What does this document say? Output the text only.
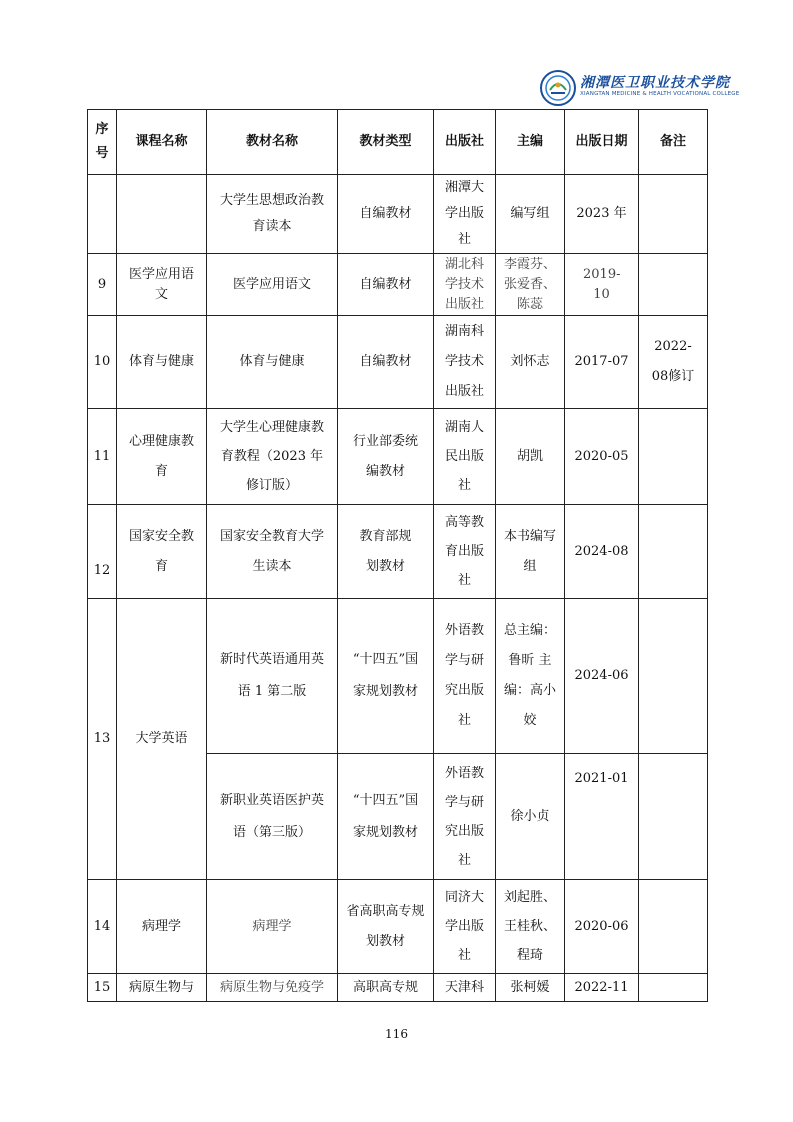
湘潭医卫职业技术学院
XIANGTAN MEDICINE & HEALTH VOCATIONAL COLLEGE
序号	课程名称	教材名称	教材类型	出版社	主编	出版日期	备注
		大学生思想政治教育读本	自编教材	湘潭大学出版社	编写组	2023 年	
9	医学应用语文	医学应用语文	自编教材	湖北科学技术出版社	李霞芬、张爱香、陈蕊	2019-10	
10	体育与健康	体育与健康	自编教材	湖南科学技术出版社	刘怀志	2017-07	2022-08修订
11	心理健康教育	大学生心理健康教育教程（2023 年修订版）	行业部委统编教材	湖南人民出版社	胡凯	2020-05	
12	国家安全教育	国家安全教育大学生读本	教育部规划教材	高等教育出版社	本书编写组	2024-08	
13	大学英语	新时代英语通用英语 1 第二版	“十四五”国家规划教材	外语教学与研究出版社	总主编：鲁昕 主编：高小姣	2024-06	
		新职业英语医护英语（第三版）	“十四五”国家规划教材	外语教学与研究出版社	徐小贞	2021-01	
14	病理学	病理学	省高职高专规划教材	同济大学出版社	刘起胜、王桂秋、程琦	2020-06	
15	病原生物与	病原生物与免疫学	高职高专规	天津科	张柯媛	2022-11	
116
